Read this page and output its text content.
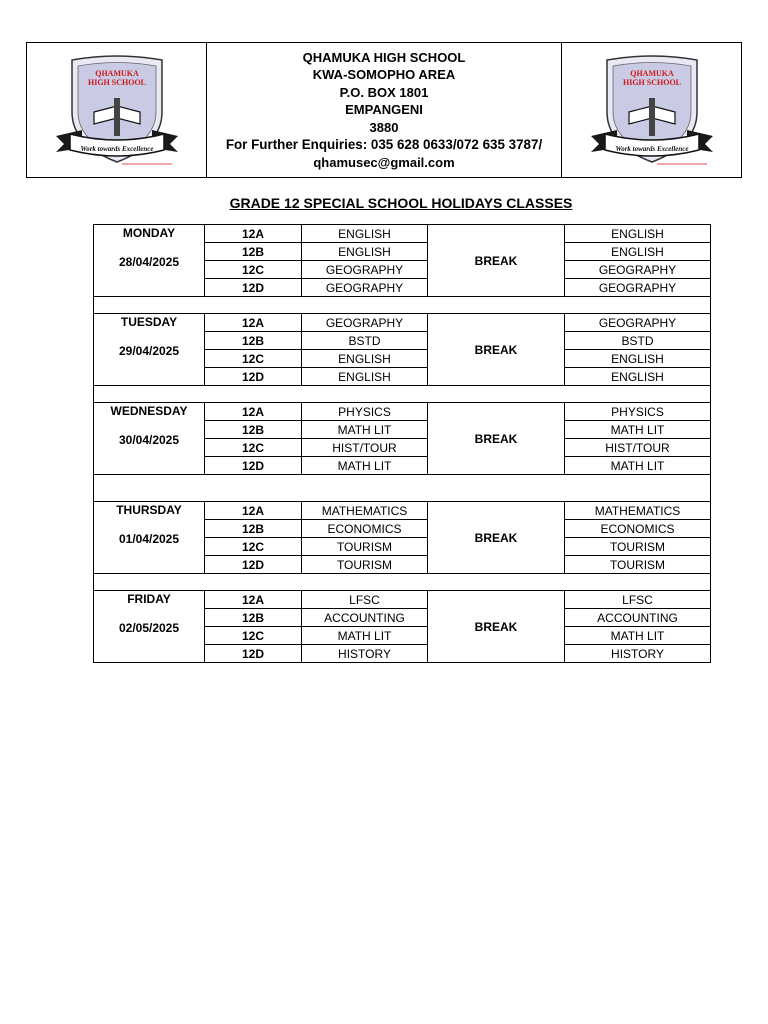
QHAMUKA
HIGH SCHOOL
Work towards Excellence
QHAMUKA HIGH SCHOOL
KWA-SOMOPHO AREA
P.O. BOX 1801
EMPANGENI
3880
For Further Enquiries: 035 628 0633/072 635 3787/
qhamusec@gmail.com
QHAMUKA
HIGH SCHOOL
Work towards Excellence
GRADE 12 SPECIAL SCHOOL HOLIDAYS CLASSES
MONDAY
28/04/2025	12A	ENGLISH	BREAK	ENGLISH
	12B	ENGLISH		ENGLISH
	12C	GEOGRAPHY		GEOGRAPHY
	12D	GEOGRAPHY		GEOGRAPHY

TUESDAY
29/04/2025	12A	GEOGRAPHY	BREAK	GEOGRAPHY
	12B	BSTD		BSTD
	12C	ENGLISH		ENGLISH
	12D	ENGLISH		ENGLISH

WEDNESDAY
30/04/2025	12A	PHYSICS	BREAK	PHYSICS
	12B	MATH LIT		MATH LIT
	12C	HIST/TOUR		HIST/TOUR
	12D	MATH LIT		MATH LIT

THURSDAY
01/04/2025	12A	MATHEMATICS	BREAK	MATHEMATICS
	12B	ECONOMICS		ECONOMICS
	12C	TOURISM		TOURISM
	12D	TOURISM		TOURISM

FRIDAY
02/05/2025	12A	LFSC	BREAK	LFSC
	12B	ACCOUNTING		ACCOUNTING
	12C	MATH LIT		MATH LIT
	12D	HISTORY		HISTORY
